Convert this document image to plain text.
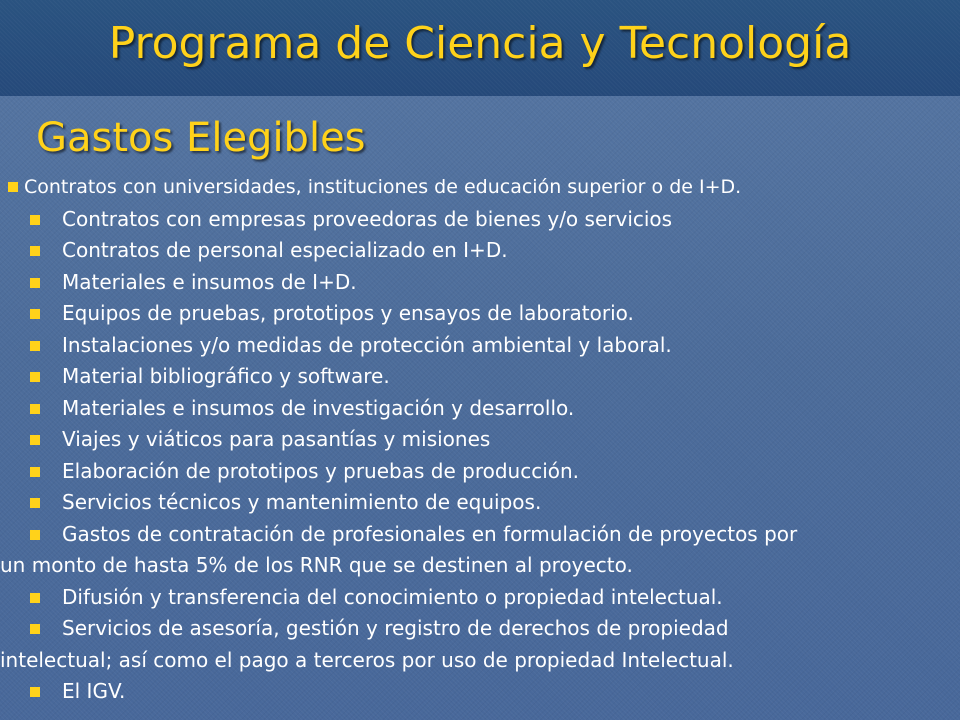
Programa de Ciencia y Tecnología
Gastos Elegibles
Contratos con universidades, instituciones de educación superior o de I+D.
Contratos con empresas proveedoras de bienes y/o servicios
Contratos de personal especializado en I+D.
Materiales e insumos de I+D.
Equipos de pruebas, prototipos y ensayos de laboratorio.
Instalaciones y/o medidas de protección ambiental y laboral.
Material bibliográfico y software.
Materiales e insumos de investigación y desarrollo.
Viajes y viáticos para pasantías y misiones
Elaboración de prototipos y pruebas de producción.
Servicios técnicos y mantenimiento de equipos.
Gastos de contratación de profesionales en formulación de proyectos por
un monto de hasta 5% de los RNR que se destinen al proyecto.
Difusión y transferencia del conocimiento o propiedad intelectual.
Servicios de asesoría, gestión y registro de derechos de propiedad
intelectual; así como el pago a terceros por uso de propiedad Intelectual.
El IGV.
